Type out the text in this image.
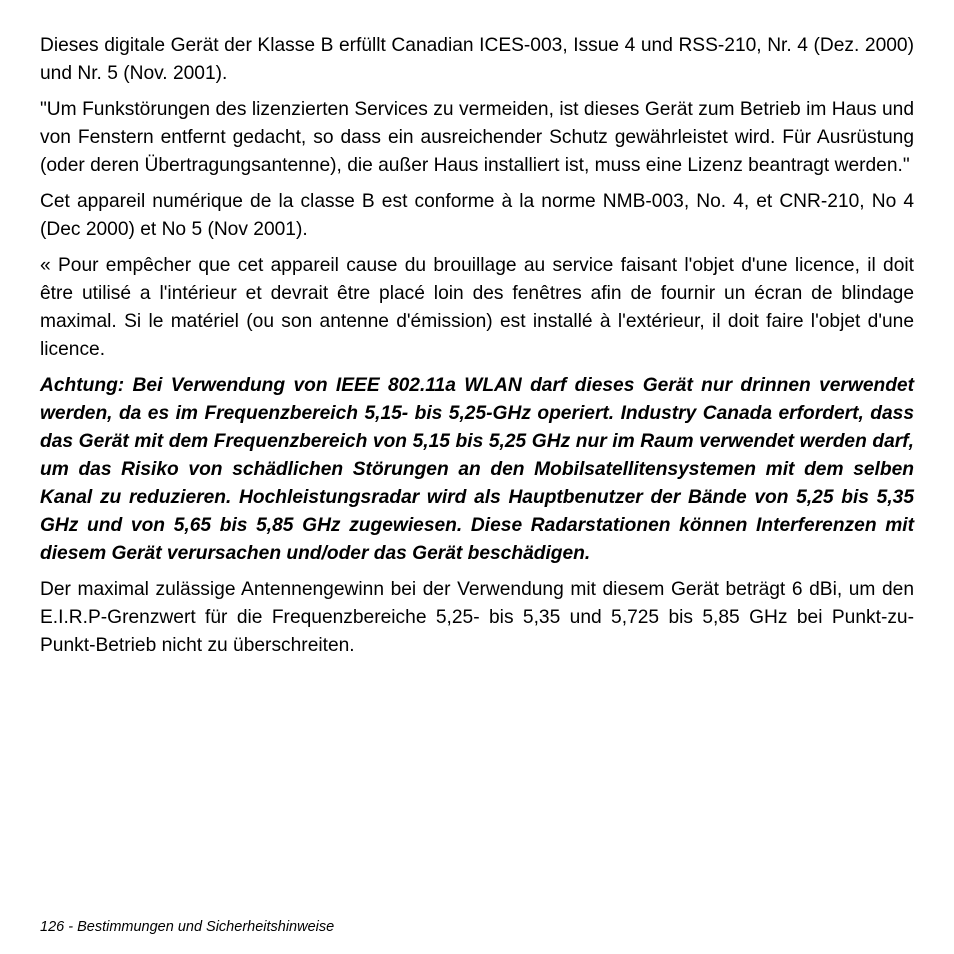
Dieses digitale Gerät der Klasse B erfüllt Canadian ICES-003, Issue 4 und RSS-210, Nr. 4 (Dez. 2000) und Nr. 5 (Nov. 2001).

"Um Funkstörungen des lizenzierten Services zu vermeiden, ist dieses Gerät zum Betrieb im Haus und von Fenstern entfernt gedacht, so dass ein ausreichender Schutz gewährleistet wird. Für Ausrüstung (oder deren Übertragungsantenne), die außer Haus installiert ist, muss eine Lizenz beantragt werden."

Cet appareil numérique de la classe B est conforme à la norme NMB-003, No. 4, et CNR-210, No 4 (Dec 2000) et No 5 (Nov 2001).

« Pour empêcher que cet appareil cause du brouillage au service faisant l'objet d'une licence, il doit être utilisé a l'intérieur et devrait être placé loin des fenêtres afin de fournir un écran de blindage maximal. Si le matériel (ou son antenne d'émission) est installé à l'extérieur, il doit faire l'objet d'une licence.

Achtung: Bei Verwendung von IEEE 802.11a WLAN darf dieses Gerät nur drinnen verwendet werden, da es im Frequenzbereich 5,15- bis 5,25-GHz operiert. Industry Canada erfordert, dass das Gerät mit dem Frequenzbereich von 5,15 bis 5,25 GHz nur im Raum verwendet werden darf, um das Risiko von schädlichen Störungen an den Mobilsatellitensystemen mit dem selben Kanal zu reduzieren. Hochleistungsradar wird als Hauptbenutzer der Bände von 5,25 bis 5,35 GHz und von 5,65 bis 5,85 GHz zugewiesen. Diese Radarstationen können Interferenzen mit diesem Gerät verursachen und/oder das Gerät beschädigen.

Der maximal zulässige Antennengewinn bei der Verwendung mit diesem Gerät beträgt 6 dBi, um den E.I.R.P-Grenzwert für die Frequenzbereiche 5,25- bis 5,35 und 5,725 bis 5,85 GHz bei Punkt-zu-Punkt-Betrieb nicht zu überschreiten.

126 - Bestimmungen und Sicherheitshinweise
